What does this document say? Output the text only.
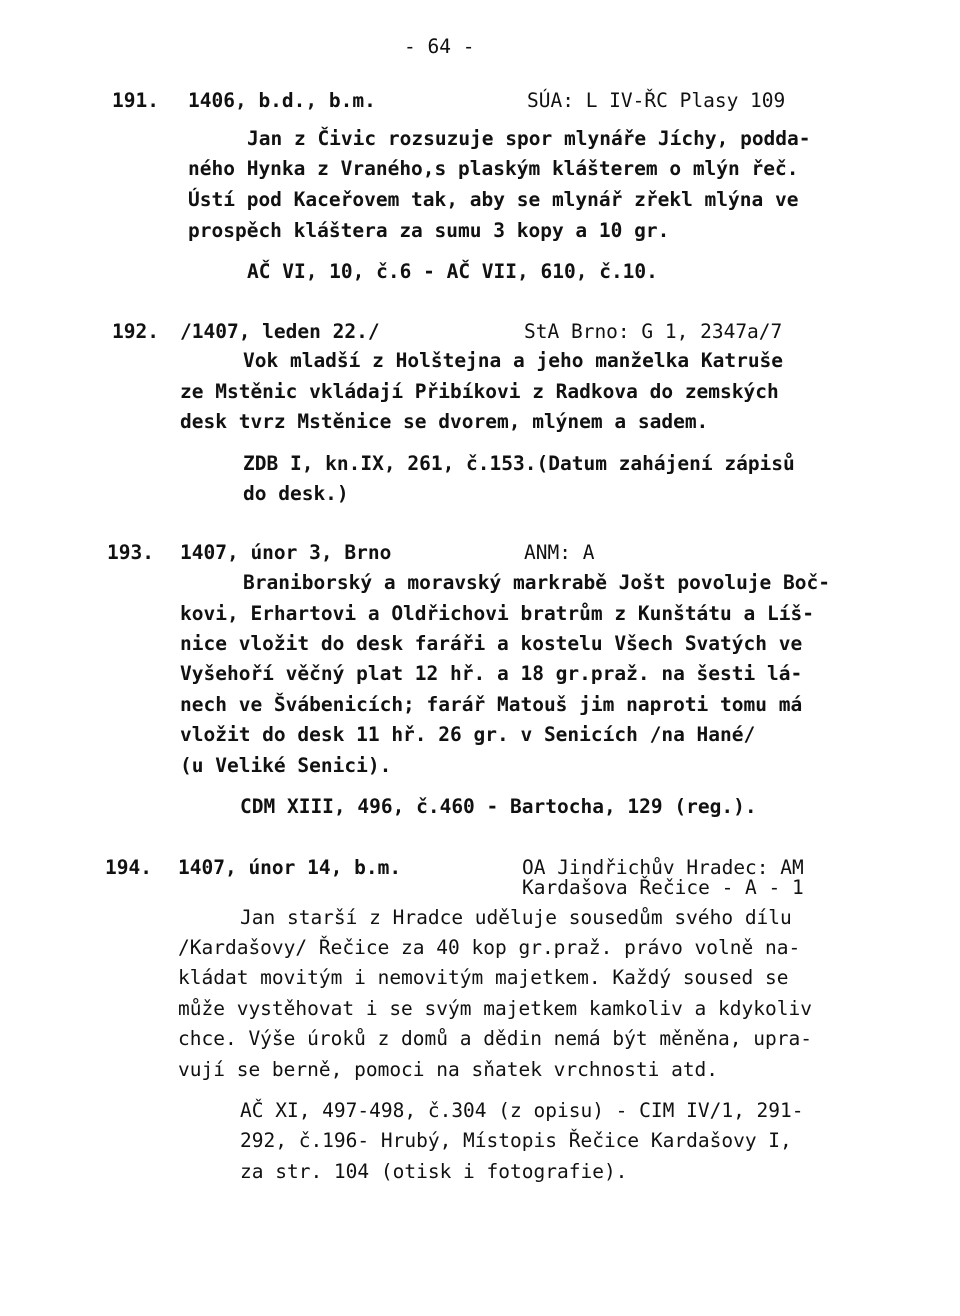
- 64 -
191. 1406, b.d., b.m.	SÚA: L IV-ŘC Plasy 109
Jan z Čivic rozsuzuje spor mlynáře Jíchy, podda-
ného Hynka z Vraného,s plaským klášterem o mlýn řeč.
Ústí pod Kaceřovem tak, aby se mlynář zřekl mlýna ve
prospěch kláštera za sumu 3 kopy a 10 gr.
AČ VI, 10, č.6 - AČ VII, 610, č.10.
192. /1407, leden 22./	StA Brno: G 1, 2347a/7
Vok mladší z Holštejna a jeho manželka Katruše
ze Mstěnic vkládají Přibíkovi z Radkova do zemských
desk tvrz Mstěnice se dvorem, mlýnem a sadem.
ZDB I, kn.IX, 261, č.153.(Datum zahájení zápisů
do desk.)
193. 1407, únor 3, Brno	ANM: A
Braniborský a moravský markrabě Jošt povoluje Boč-
kovi, Erhartovi a Oldřichovi bratrům z Kunštátu a Líš-
nice vložit do desk faráři a kostelu Všech Svatých ve
Vyšehoří věčný plat 12 hř. a 18 gr.praž. na šesti lá-
nech ve Švábenicích; farář Matouš jim naproti tomu má
vložit do desk 11 hř. 26 gr. v Senicích /na Hané/
(u Veliké Senici).
CDM XIII, 496, č.460 - Bartocha, 129 (reg.).
194. 1407, únor 14, b.m.	OA Jindřichův Hradec: AM
Kardašova Řečice - A - 1
Jan starší z Hradce uděluje sousedům svého dílu
/Kardašovy/ Řečice za 40 kop gr.praž. právo volně na-
kládat movitým i nemovitým majetkem. Každý soused se
může vystěhovat i se svým majetkem kamkoliv a kdykoliv
chce. Výše úroků z domů a dědin nemá být měněna, upra-
vují se berně, pomoci na sňatek vrchnosti atd.
AČ XI, 497-498, č.304 (z opisu) - CIM IV/1, 291-
292, č.196- Hrubý, Místopis Řečice Kardašovy I,
za str. 104 (otisk i fotografie).
